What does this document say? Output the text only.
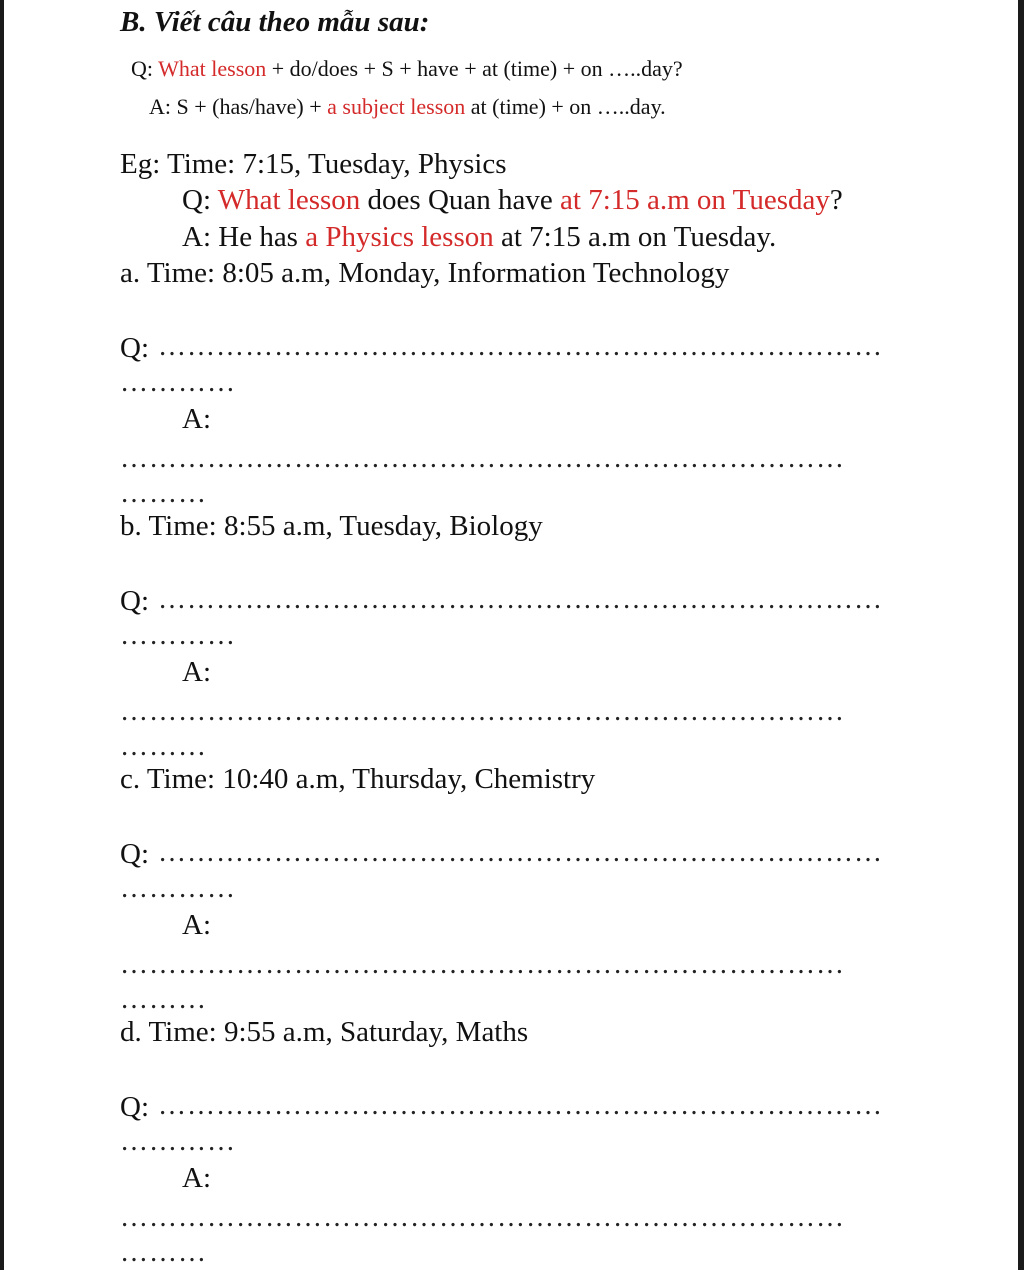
B. Viết câu theo mẫu sau:
Q: What lesson + do/does + S + have + at (time) + on …..day?
A: S + (has/have) + a subject lesson at (time) + on …..day.
Eg: Time: 7:15, Tuesday, Physics
Q: What lesson does Quan have at 7:15 a.m on Tuesday?
A: He has a Physics lesson at 7:15 a.m on Tuesday.
a. Time: 8:05 a.m, Monday, Information Technology
Q: …………………………………………………………………
…………
A:
…………………………………………………………………
………
b. Time: 8:55 a.m, Tuesday, Biology
Q: …………………………………………………………………
…………
A:
…………………………………………………………………
………
c. Time: 10:40 a.m, Thursday, Chemistry
Q: …………………………………………………………………
…………
A:
…………………………………………………………………
………
d. Time: 9:55 a.m, Saturday, Maths
Q: …………………………………………………………………
…………
A:
…………………………………………………………………
………
